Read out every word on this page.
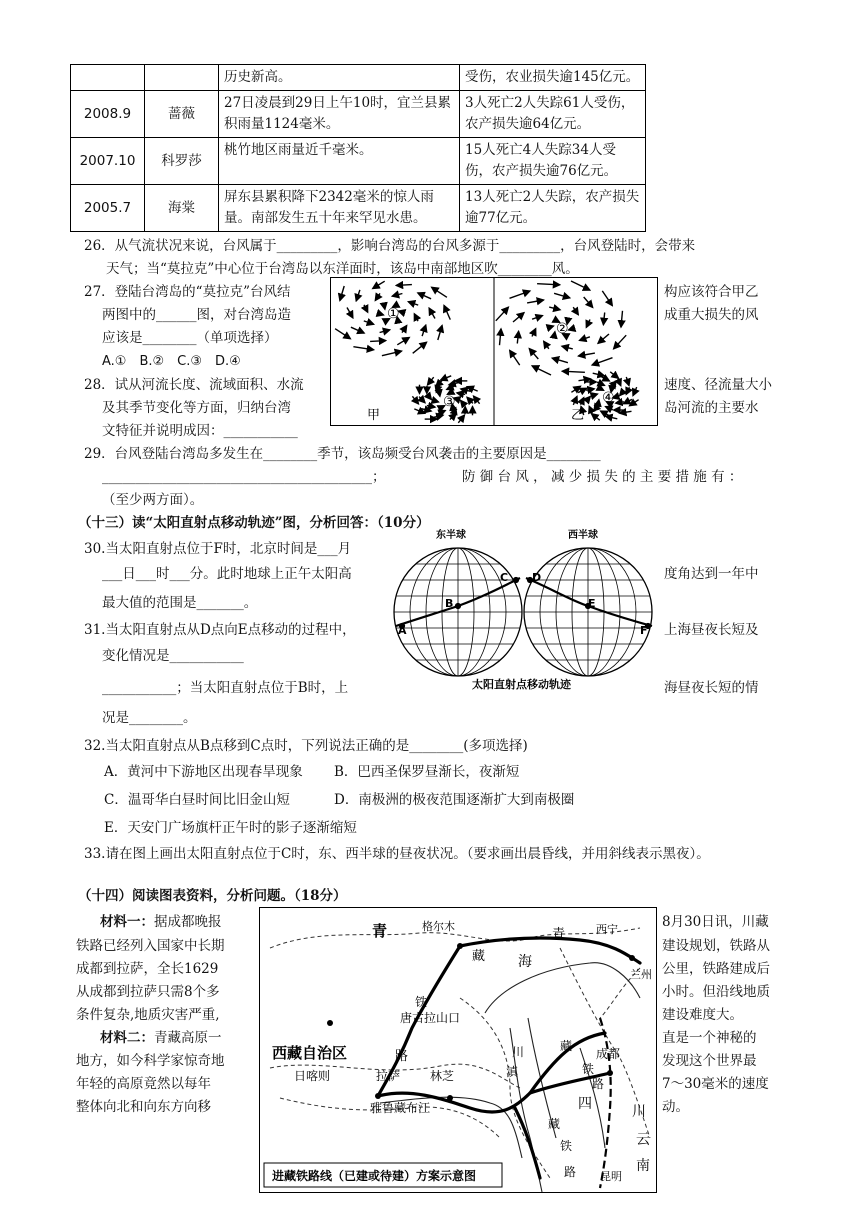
		历史新高。	受伤，农业损失逾145亿元。
2008.9	蔷薇	27日凌晨到29日上午10时，宜兰县累积雨量1124毫米。	3人死亡2人失踪61人受伤，农产损失逾64亿元。
2007.10	科罗莎	桃竹地区雨量近千毫米。	15人死亡4人失踪34人受伤，农产损失逾76亿元。
2005.7	海棠	屏东县累积降下2342毫米的惊人雨量。南部发生五十年来罕见水患。	13人死亡2人失踪，农产损失逾77亿元。
26．从气流状况来说，台风属于_________，影响台湾岛的台风多源于_________，台风登陆时，会带来
天气；当“莫拉克”中心位于台湾岛以东洋面时，该岛中南部地区吹________风。
27．登陆台湾岛的“莫拉克”台风结
两图中的______图，对台湾岛造
应该是________（单项选择）
A.①　B.②　C.③　D.④
构应该符合甲乙
成重大损失的风
28．试从河流长度、流域面积、水流
及其季节变化等方面，归纳台湾
文特征并说明成因：___________
速度、径流量大小
岛河流的主要水
①
②
③	④
甲	乙
29．台风登陆台湾岛多发生在________季节，该岛频受台风袭击的主要原因是________
________________________________________；	防 御 台 风 ， 减 少 损 失 的 主 要 措 施 有 ：
（至少两方面）。
（十三）读“太阳直射点移动轨迹”图，分析回答：（10分）
30.当太阳直射点位于F时，北京时间是___月
___日___时___分。此时地球上正午太阳高	度角达到一年中
最大值的范围是_______。
31.当太阳直射点从D点向E点移动的过程中，	上海昼夜长短及
变化情况是___________
___________；当太阳直射点位于B时，上	海昼夜长短的情
况是________。
东半球	西半球
A
B
C D
E
F
太阳直射点移动轨迹
32.当太阳直射点从B点移到C点时，下列说法正确的是________(多项选择)
A．黄河中下游地区出现春旱现象 B．巴西圣保罗昼渐长，夜渐短
C．温哥华白昼时间比旧金山短	D．南极洲的极夜范围逐渐扩大到南极圈
E．天安门广场旗杆正午时的影子逐渐缩短
33.请在图上画出太阳直射点位于C时，东、西半球的昼夜状况。（要求画出晨昏线，并用斜线表示黑夜）。
（十四）阅读图表资料，分析问题。（18分）
材料一：据成都晚报
铁路已经列入国家中长期
成都到拉萨，全长1629
从成都到拉萨只需8个多
条件复杂,地质灾害严重,
材料二：青藏高原一
地方，如今科学家惊奇地
年轻的高原竟然以每年
整体向北和向东方向移
8月30日讯，川藏
建设规划，铁路从
公里，铁路建成后
小时。但沿线地质
建设难度大。
直是一个神秘的
发现这个世界最
7～30毫米的速度
动。
青	格尔木
青	西宁
藏 海
兰州
铁
唐古拉山口
西藏自治区	路	川	藏
成都
铁
路
日喀则	拉萨 林芝	滇
雅鲁藏布江	四	川
藏
铁	云
南
路 昆明
进藏铁路线（已建或待建）方案示意图
